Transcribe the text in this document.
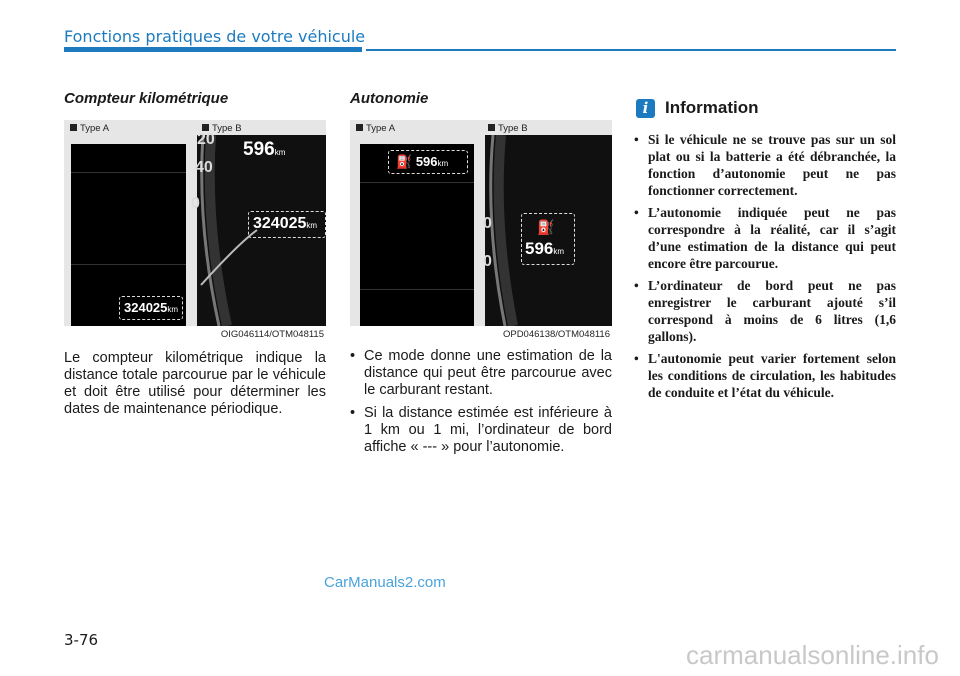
Fonctions pratiques de votre véhicule
Compteur kilométrique
Type A	Type B
324025km
20
40
0
596km
324025km
OIG046114/OTM048115

Le compteur kilométrique indique la distance totale parcourue par le véhicule et doit être utilisé pour déterminer les dates de maintenance périodique.

Autonomie
Type A	Type B
⛽ 596km
0
0
⛽
596km
OPD046138/OTM048116
• Ce mode donne une estimation de la distance qui peut être parcourue avec le carburant restant.
• Si la distance estimée est inférieure à 1 km ou 1 mi, l’ordinateur de bord affiche « --- » pour l’autonomie.
i Information
• Si le véhicule ne se trouve pas sur un sol plat ou si la batterie a été débranchée, la fonction d’autonomie peut ne pas fonctionner correctement.
• L’autonomie indiquée peut ne pas correspondre à la réalité, car il s’agit d’une estimation de la distance qui peut encore être parcourue.
• L’ordinateur de bord peut ne pas enregistrer le carburant ajouté s’il correspond à moins de 6 litres (1,6 gallons).
• L'autonomie peut varier fortement selon les conditions de circulation, les habitudes de conduite et l’état du véhicule.
CarManuals2.com
3-76	carmanualsonline.info
